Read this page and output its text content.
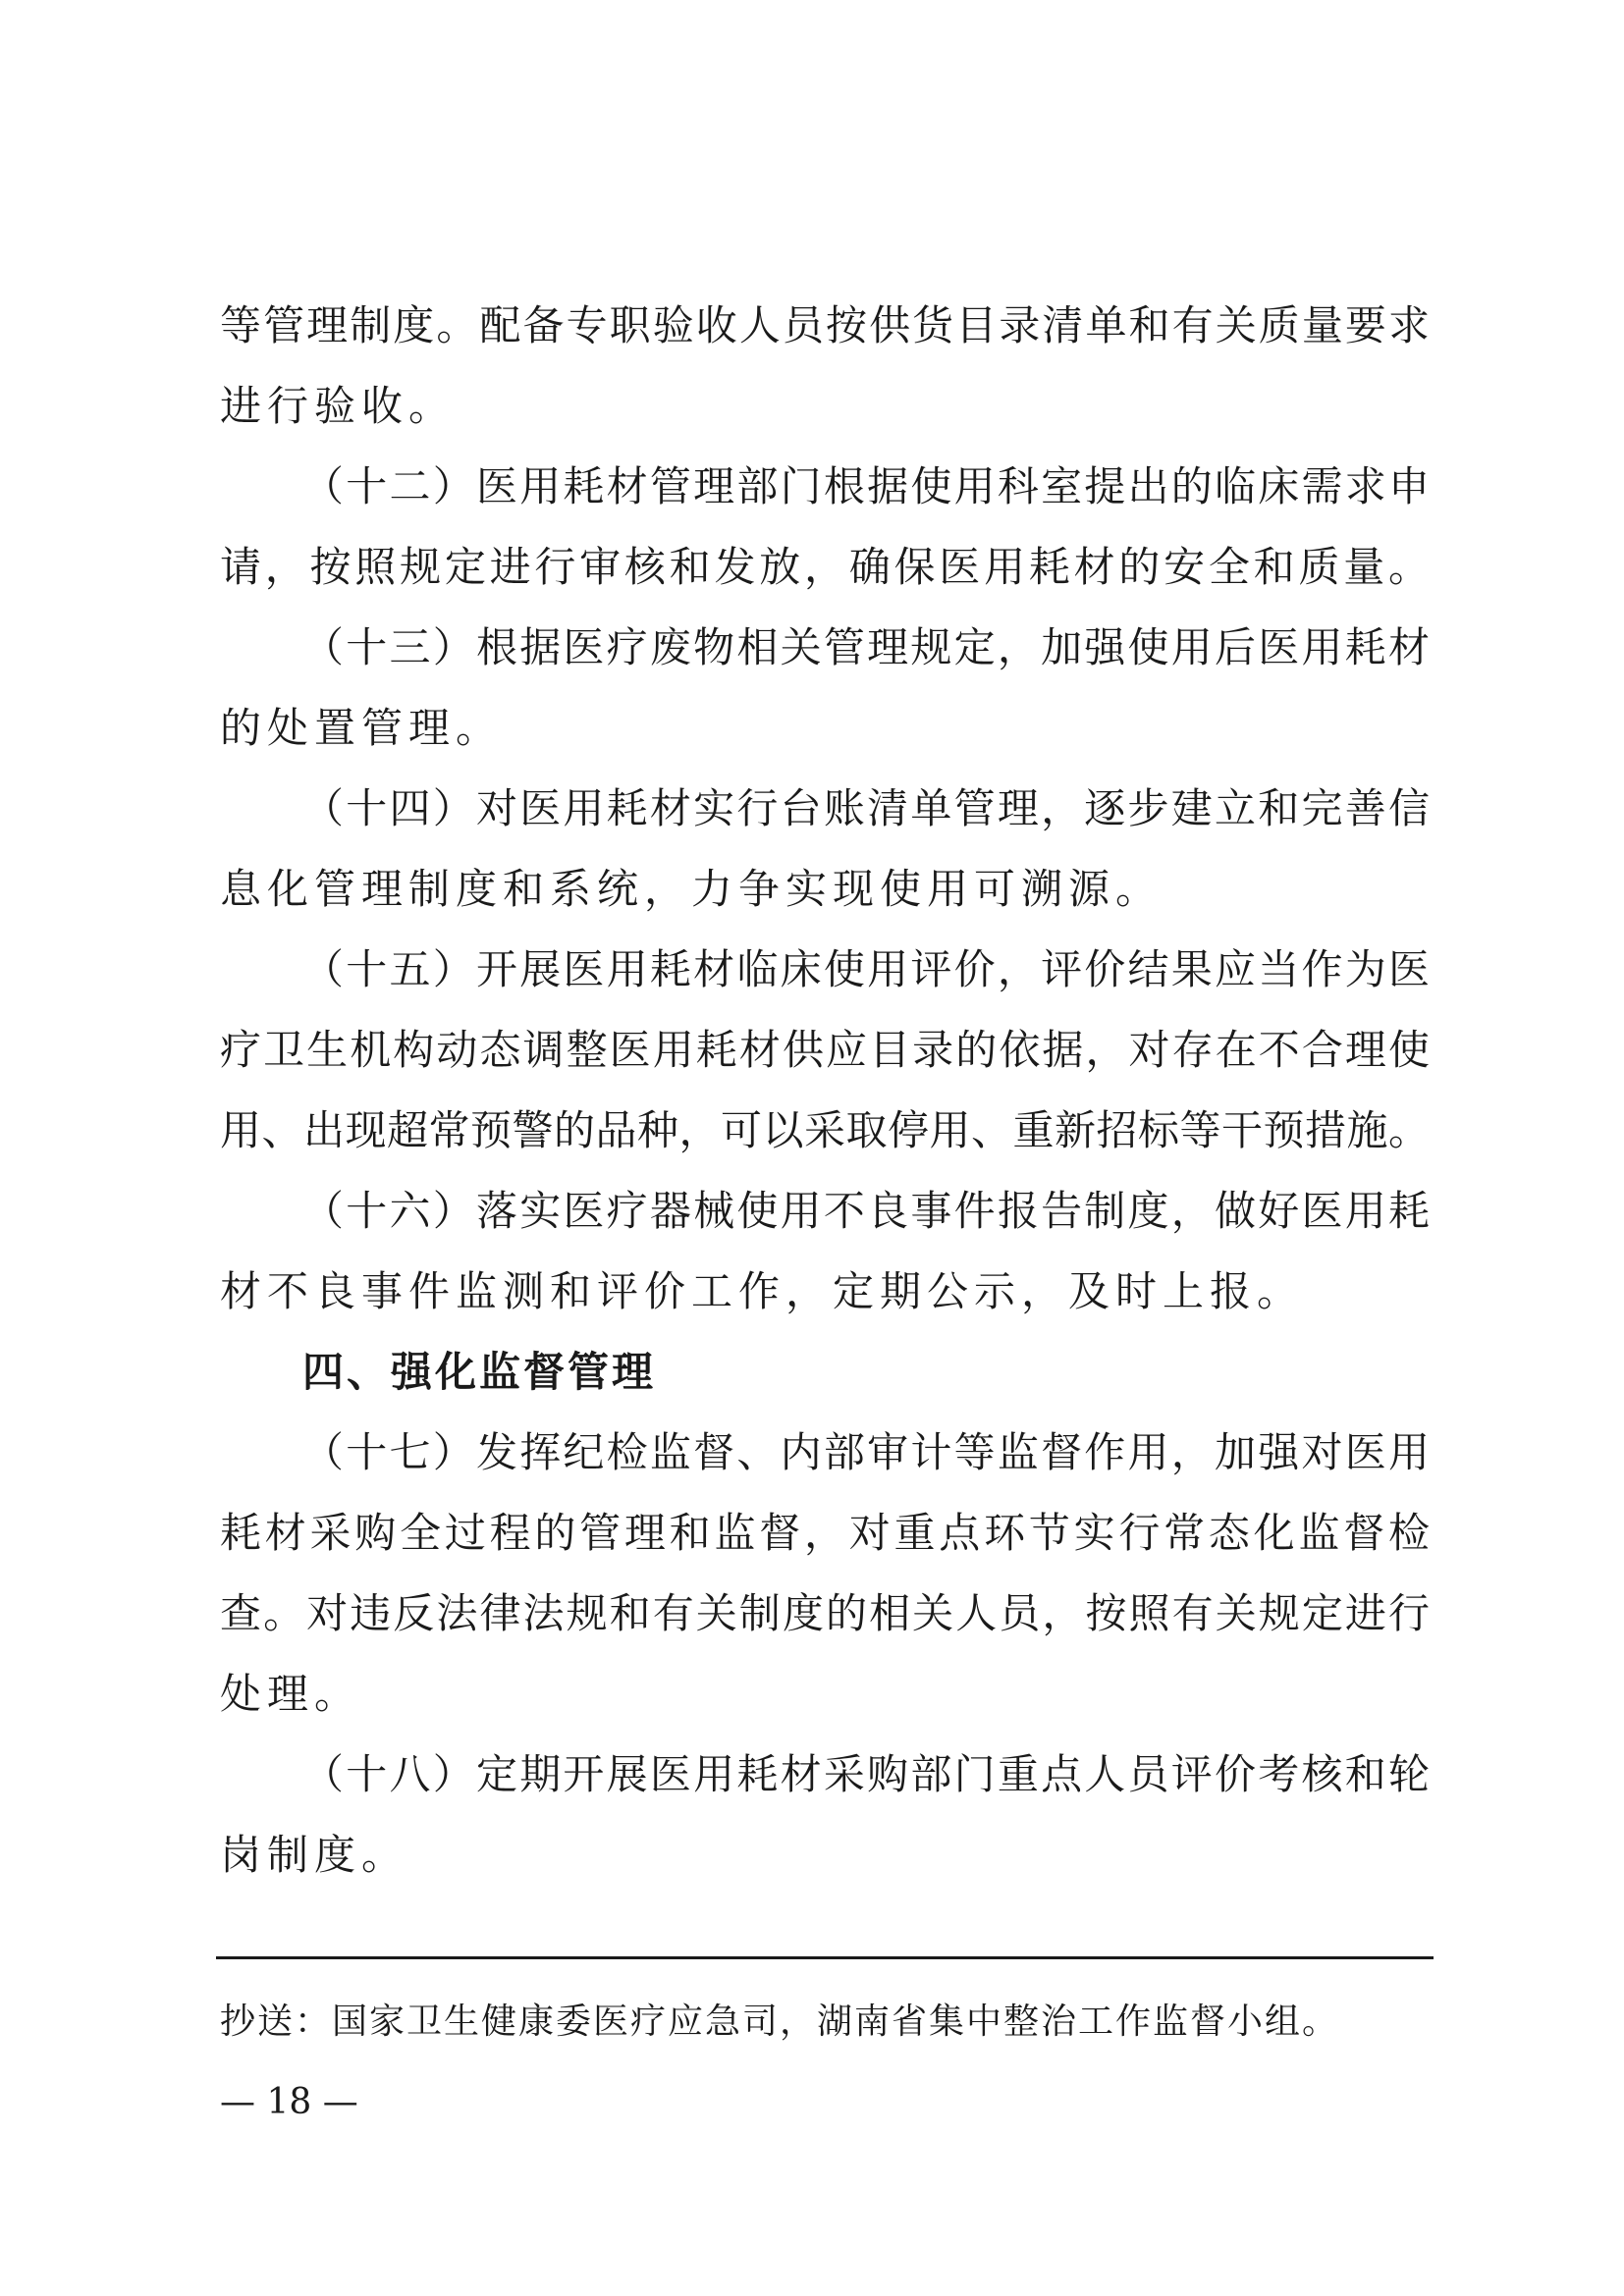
等管理制度。配备专职验收人员按供货目录清单和有关质量要求
进行验收。
（十二）医用耗材管理部门根据使用科室提出的临床需求申
请，按照规定进行审核和发放，确保医用耗材的安全和质量。
（十三）根据医疗废物相关管理规定，加强使用后医用耗材
的处置管理。
（十四）对医用耗材实行台账清单管理，逐步建立和完善信
息化管理制度和系统，力争实现使用可溯源。
（十五）开展医用耗材临床使用评价，评价结果应当作为医
疗卫生机构动态调整医用耗材供应目录的依据，对存在不合理使
用、出现超常预警的品种，可以采取停用、重新招标等干预措施。
（十六）落实医疗器械使用不良事件报告制度，做好医用耗
材不良事件监测和评价工作，定期公示，及时上报。
四、强化监督管理
（十七）发挥纪检监督、内部审计等监督作用，加强对医用
耗材采购全过程的管理和监督，对重点环节实行常态化监督检
查。对违反法律法规和有关制度的相关人员，按照有关规定进行
处理。
（十八）定期开展医用耗材采购部门重点人员评价考核和轮
岗制度。
抄送：国家卫生健康委医疗应急司，湖南省集中整治工作监督小组。
— 18 —
